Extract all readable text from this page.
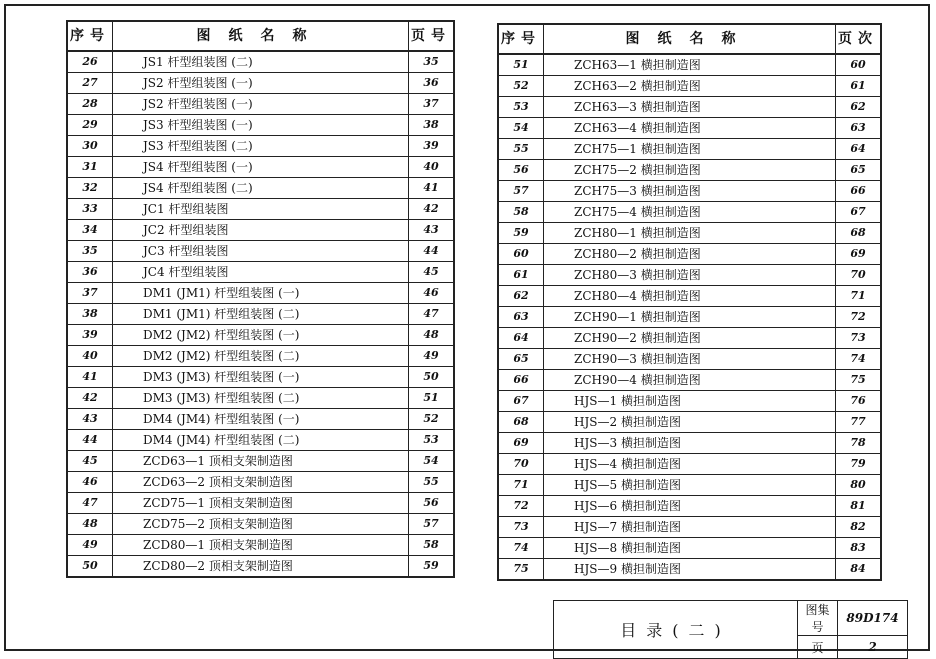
序号	图纸名称	页号
26	JS1 杆型组装图 (二)	35
27	JS2 杆型组装图 (一)	36
28	JS2 杆型组装图 (一)	37
29	JS3 杆型组装图 (一)	38
30	JS3 杆型组装图 (二)	39
31	JS4 杆型组装图 (一)	40
32	JS4 杆型组装图 (二)	41
33	JC1 杆型组装图	42
34	JC2 杆型组装图	43
35	JC3 杆型组装图	44
36	JC4 杆型组装图	45
37	DM1 (JM1) 杆型组装图 (一)	46
38	DM1 (JM1) 杆型组装图 (二)	47
39	DM2 (JM2) 杆型组装图 (一)	48
40	DM2 (JM2) 杆型组装图 (二)	49
41	DM3 (JM3) 杆型组装图 (一)	50
42	DM3 (JM3) 杆型组装图 (二)	51
43	DM4 (JM4) 杆型组装图 (一)	52
44	DM4 (JM4) 杆型组装图 (二)	53
45	ZCD63—1 顶相支架制造图	54
46	ZCD63—2 顶相支架制造图	55
47	ZCD75—1 顶相支架制造图	56
48	ZCD75—2 顶相支架制造图	57
49	ZCD80—1 顶相支架制造图	58
50	ZCD80—2 顶相支架制造图	59
序号	图纸名称	页次
51	ZCH63—1 横担制造图	60
52	ZCH63—2 横担制造图	61
53	ZCH63—3 横担制造图	62
54	ZCH63—4 横担制造图	63
55	ZCH75—1 横担制造图	64
56	ZCH75—2 横担制造图	65
57	ZCH75—3 横担制造图	66
58	ZCH75—4 横担制造图	67
59	ZCH80—1 横担制造图	68
60	ZCH80—2 横担制造图	69
61	ZCH80—3 横担制造图	70
62	ZCH80—4 横担制造图	71
63	ZCH90—1 横担制造图	72
64	ZCH90—2 横担制造图	73
65	ZCH90—3 横担制造图	74
66	ZCH90—4 横担制造图	75
67	HJS—1 横担制造图	76
68	HJS—2 横担制造图	77
69	HJS—3 横担制造图	78
70	HJS—4 横担制造图	79
71	HJS—5 横担制造图	80
72	HJS—6 横担制造图	81
73	HJS—7 横担制造图	82
74	HJS—8 横担制造图	83
75	HJS—9 横担制造图	84
目录(二)	图集号	89D174
	页	2
